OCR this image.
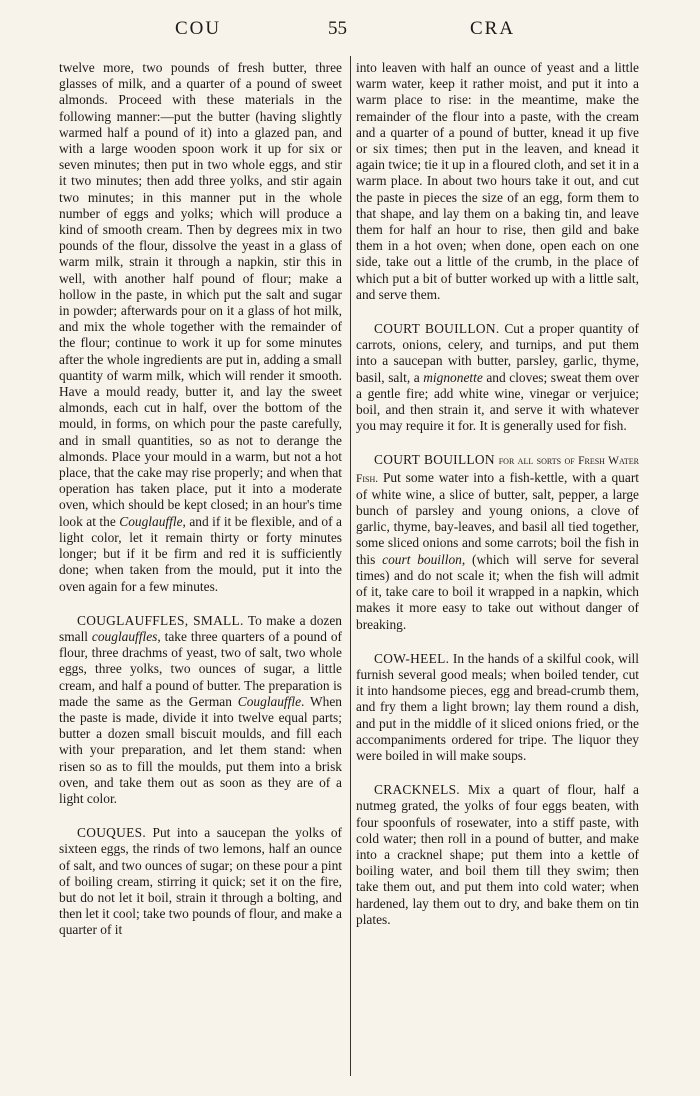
COU	55	CRA

twelve more, two pounds of fresh butter, three glasses of milk, and a quarter of a pound of sweet almonds. Proceed with these materials in the following manner:—put the butter (having slightly warmed half a pound of it) into a glazed pan, and with a large wooden spoon work it up for six or seven minutes; then put in two whole eggs, and stir it two minutes; then add three yolks, and stir again two minutes; in this manner put in the whole number of eggs and yolks; which will produce a kind of smooth cream. Then by degrees mix in two pounds of the flour, dissolve the yeast in a glass of warm milk, strain it through a napkin, stir this in well, with another half pound of flour; make a hollow in the paste, in which put the salt and sugar in powder; afterwards pour on it a glass of hot milk, and mix the whole together with the remainder of the flour; continue to work it up for some minutes after the whole ingredients are put in, adding a small quantity of warm milk, which will render it smooth. Have a mould ready, butter it, and lay the sweet almonds, each cut in half, over the bottom of the mould, in forms, on which pour the paste carefully, and in small quantities, so as not to derange the almonds. Place your mould in a warm, but not a hot place, that the cake may rise properly; and when that operation has taken place, put it into a moderate oven, which should be kept closed; in an hour's time look at the Couglauffle, and if it be flexible, and of a light color, let it remain thirty or forty minutes longer; but if it be firm and red it is sufficiently done; when taken from the mould, put it into the oven again for a few minutes.

COUGLAUFFLES, SMALL. To make a dozen small couglauffles, take three quarters of a pound of flour, three drachms of yeast, two of salt, two whole eggs, three yolks, two ounces of sugar, a little cream, and half a pound of butter. The preparation is made the same as the German Couglauffle. When the paste is made, divide it into twelve equal parts; butter a dozen small biscuit moulds, and fill each with your preparation, and let them stand: when risen so as to fill the moulds, put them into a brisk oven, and take them out as soon as they are of a light color.

COUQUES. Put into a saucepan the yolks of sixteen eggs, the rinds of two lemons, half an ounce of salt, and two ounces of sugar; on these pour a pint of boiling cream, stirring it quick; set it on the fire, but do not let it boil, strain it through a bolting, and then let it cool; take two pounds of flour, and make a quarter of it

into leaven with half an ounce of yeast and a little warm water, keep it rather moist, and put it into a warm place to rise: in the meantime, make the remainder of the flour into a paste, with the cream and a quarter of a pound of butter, knead it up five or six times; then put in the leaven, and knead it again twice; tie it up in a floured cloth, and set it in a warm place. In about two hours take it out, and cut the paste in pieces the size of an egg, form them to that shape, and lay them on a baking tin, and leave them for half an hour to rise, then gild and bake them in a hot oven; when done, open each on one side, take out a little of the crumb, in the place of which put a bit of butter worked up with a little salt, and serve them.

COURT BOUILLON. Cut a proper quantity of carrots, onions, celery, and turnips, and put them into a saucepan with butter, parsley, garlic, thyme, basil, salt, a mignonette and cloves; sweat them over a gentle fire; add white wine, vinegar or verjuice; boil, and then strain it, and serve it with whatever you may require it for. It is generally used for fish.

COURT BOUILLON for all sorts of Fresh Water Fish. Put some water into a fish-kettle, with a quart of white wine, a slice of butter, salt, pepper, a large bunch of parsley and young onions, a clove of garlic, thyme, bay-leaves, and basil all tied together, some sliced onions and some carrots; boil the fish in this court bouillon, (which will serve for several times) and do not scale it; when the fish will admit of it, take care to boil it wrapped in a napkin, which makes it more easy to take out without danger of breaking.

COW-HEEL. In the hands of a skilful cook, will furnish several good meals; when boiled tender, cut it into handsome pieces, egg and bread-crumb them, and fry them a light brown; lay them round a dish, and put in the middle of it sliced onions fried, or the accompaniments ordered for tripe. The liquor they were boiled in will make soups.

CRACKNELS. Mix a quart of flour, half a nutmeg grated, the yolks of four eggs beaten, with four spoonfuls of rosewater, into a stiff paste, with cold water; then roll in a pound of butter, and make into a cracknel shape; put them into a kettle of boiling water, and boil them till they swim; then take them out, and put them into cold water; when hardened, lay them out to dry, and bake them on tin plates.
